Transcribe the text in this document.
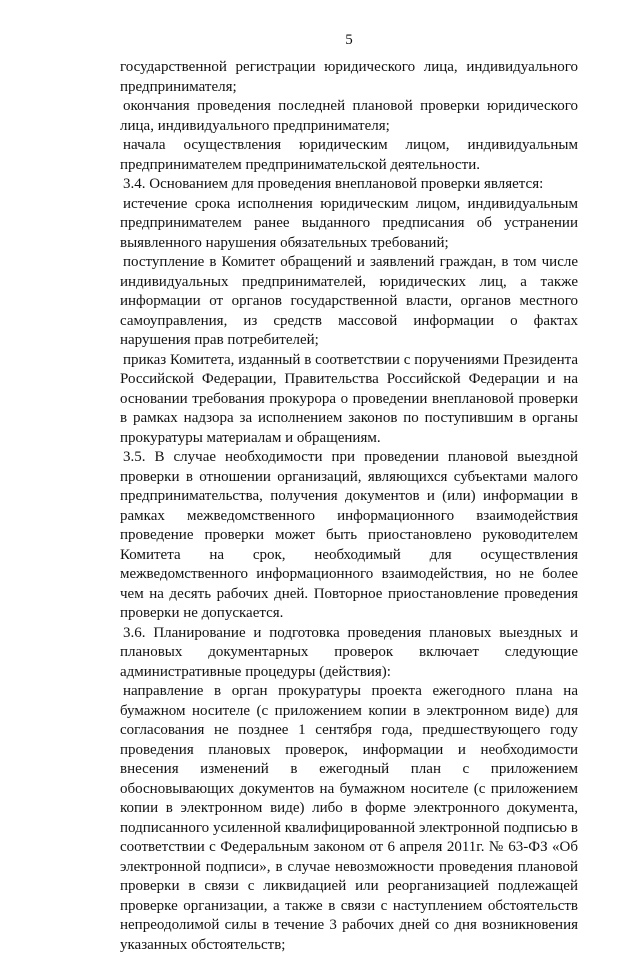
5

государственной регистрации юридического лица, индивидуального предпринимателя;

окончания проведения последней плановой проверки юридического лица, индивидуального предпринимателя;

начала осуществления юридическим лицом, индивидуальным предпринимателем предпринимательской деятельности.

3.4. Основанием для проведения внеплановой проверки является:

истечение срока исполнения юридическим лицом, индивидуальным предпринимателем ранее выданного предписания об устранении выявленного нарушения обязательных требований;

поступление в Комитет обращений и заявлений граждан, в том числе индивидуальных предпринимателей, юридических лиц, а также информации от органов государственной власти, органов местного самоуправления, из средств массовой информации о фактах нарушения прав потребителей;

приказ Комитета, изданный в соответствии с поручениями Президента Российской Федерации, Правительства Российской Федерации и на основании требования прокурора о проведении внеплановой проверки в рамках надзора за исполнением законов по поступившим в органы прокуратуры материалам и обращениям.

3.5. В случае необходимости при проведении плановой выездной проверки в отношении организаций, являющихся субъектами малого предпринимательства, получения документов и (или) информации в рамках межведомственного информационного взаимодействия проведение проверки может быть приостановлено руководителем Комитета на срок, необходимый для осуществления межведомственного информационного взаимодействия, но не более чем на десять рабочих дней. Повторное приостановление проведения проверки не допускается.

3.6. Планирование и подготовка проведения плановых выездных и плановых документарных проверок включает следующие административные процедуры (действия):

направление в орган прокуратуры проекта ежегодного плана на бумажном носителе (с приложением копии в электронном виде) для согласования не позднее 1 сентября года, предшествующего году проведения плановых проверок, информации и необходимости внесения изменений в ежегодный план с приложением обосновывающих документов на бумажном носителе (с приложением копии в электронном виде) либо в форме электронного документа, подписанного усиленной квалифицированной электронной подписью в соответствии с Федеральным законом от 6 апреля 2011г. № 63-ФЗ «Об электронной подписи», в случае невозможности проведения плановой проверки в связи с ликвидацией или реорганизацией подлежащей проверке организации, а также в связи с наступлением обстоятельств непреодолимой силы в течение 3 рабочих дней со дня возникновения указанных обстоятельств;
